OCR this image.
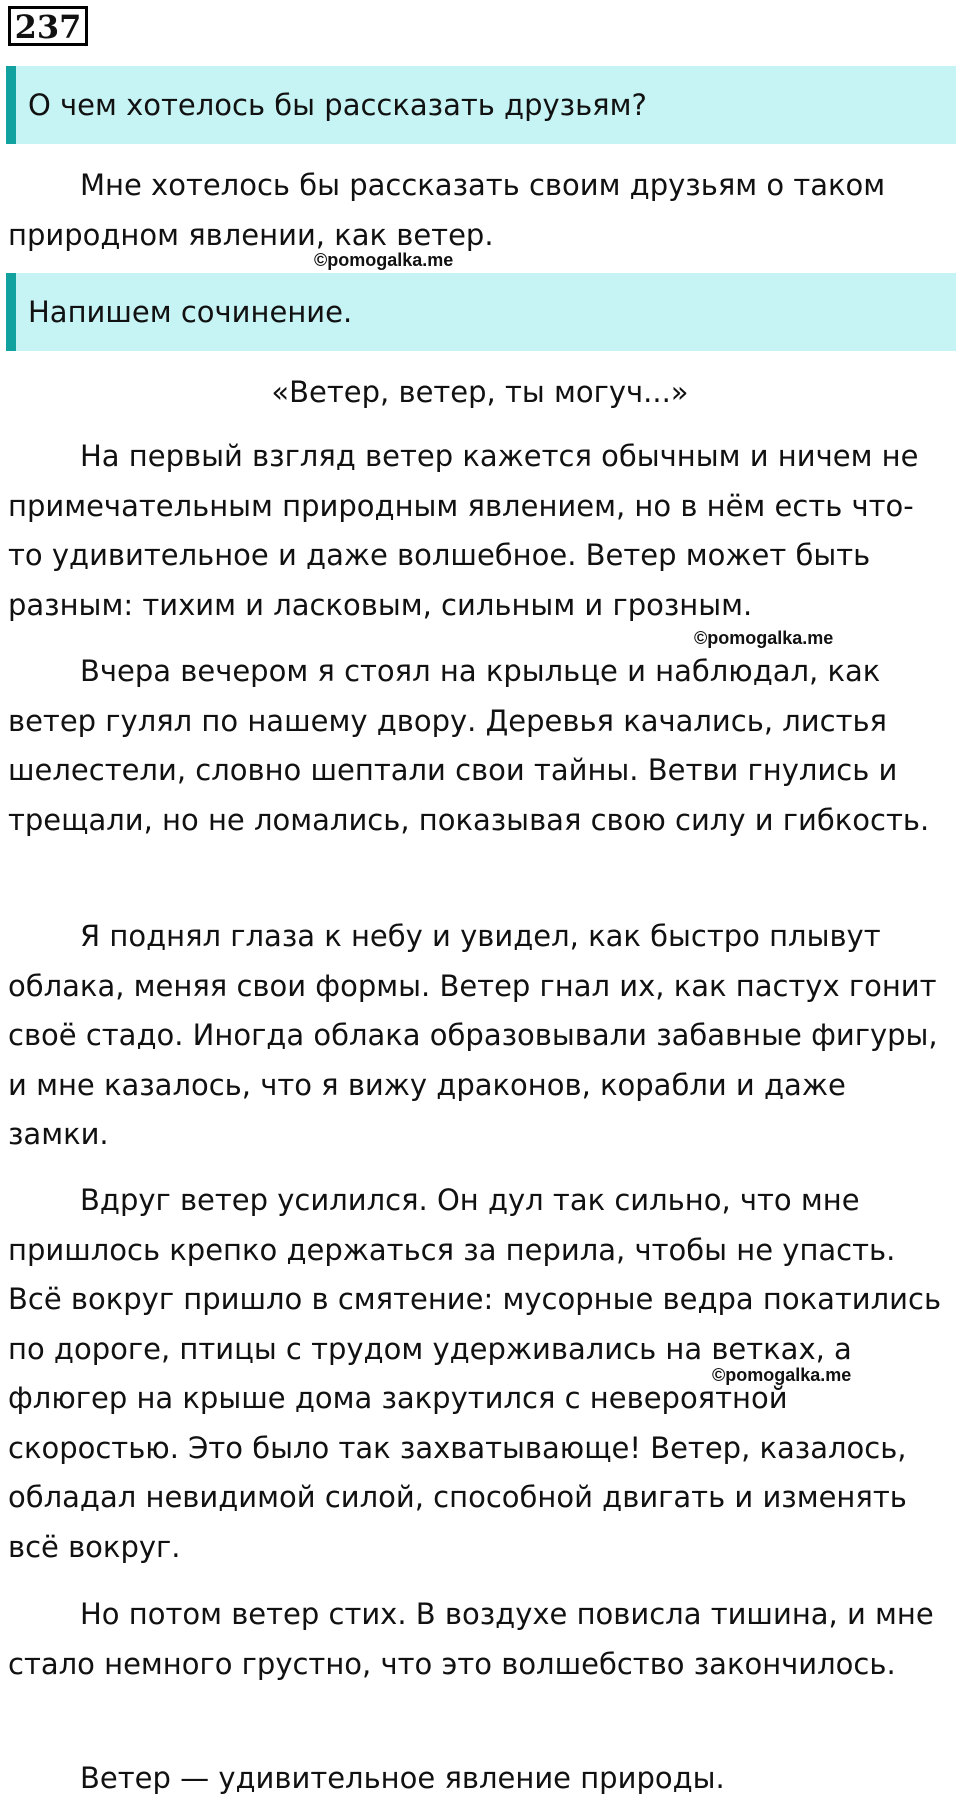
237
О чем хотелось бы рассказать друзьям?

Мне хотелось бы рассказать своим друзьям о таком природном явлении, как ветер.

©pomogalka.me
Напишем сочинение.
«Ветер, ветер, ты могуч...»

На первый взгляд ветер кажется обычным и ничем не примечательным природным явлением, но в нём есть что-то удивительное и даже волшебное. Ветер может быть разным: тихим и ласковым, сильным и грозным.

©pomogalka.me

Вчера вечером я стоял на крыльце и наблюдал, как ветер гулял по нашему двору. Деревья качались, листья шелестели, словно шептали свои тайны. Ветви гнулись и трещали, но не ломались, показывая свою силу и гибкость.

Я поднял глаза к небу и увидел, как быстро плывут облака, меняя свои формы. Ветер гнал их, как пастух гонит своё стадо. Иногда облака образовывали забавные фигуры, и мне казалось, что я вижу драконов, корабли и даже замки.

Вдруг ветер усилился. Он дул так сильно, что мне пришлось крепко держаться за перила, чтобы не упасть. Всё вокруг пришло в смятение: мусорные ведра покатились по дороге, птицы с трудом удерживались на ветках, а флюгер на крыше дома закрутился с невероятной скоростью. Это было так захватывающе! Ветер, казалось, обладал невидимой силой, способной двигать и изменять всё вокруг.

©pomogalka.me

Но потом ветер стих. В воздухе повисла тишина, и мне стало немного грустно, что это волшебство закончилось.

Ветер — удивительное явление природы.
